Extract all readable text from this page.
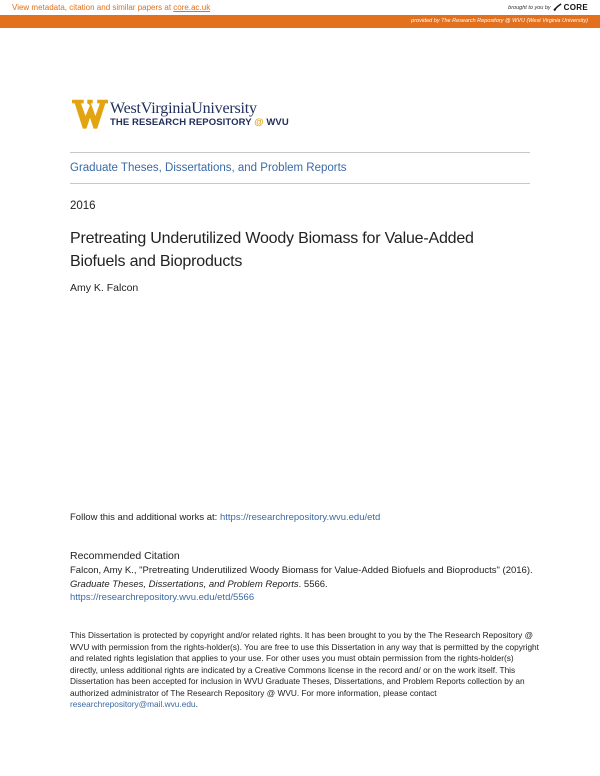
View metadata, citation and similar papers at core.ac.uk	brought to you by CORE
provided by The Research Repository @ WVU (West Virginia University)
WestVirginiaUniversity
THE RESEARCH REPOSITORY @ WVU
Graduate Theses, Dissertations, and Problem Reports
2016
Pretreating Underutilized Woody Biomass for Value-Added Biofuels and Bioproducts
Amy K. Falcon
Follow this and additional works at: https://researchrepository.wvu.edu/etd
Recommended Citation
Falcon, Amy K., "Pretreating Underutilized Woody Biomass for Value-Added Biofuels and Bioproducts" (2016). Graduate Theses, Dissertations, and Problem Reports. 5566.
https://researchrepository.wvu.edu/etd/5566
This Dissertation is protected by copyright and/or related rights. It has been brought to you by the The Research Repository @ WVU with permission from the rights-holder(s). You are free to use this Dissertation in any way that is permitted by the copyright and related rights legislation that applies to your use. For other uses you must obtain permission from the rights-holder(s) directly, unless additional rights are indicated by a Creative Commons license in the record and/ or on the work itself. This Dissertation has been accepted for inclusion in WVU Graduate Theses, Dissertations, and Problem Reports collection by an authorized administrator of The Research Repository @ WVU. For more information, please contact researchrepository@mail.wvu.edu.
